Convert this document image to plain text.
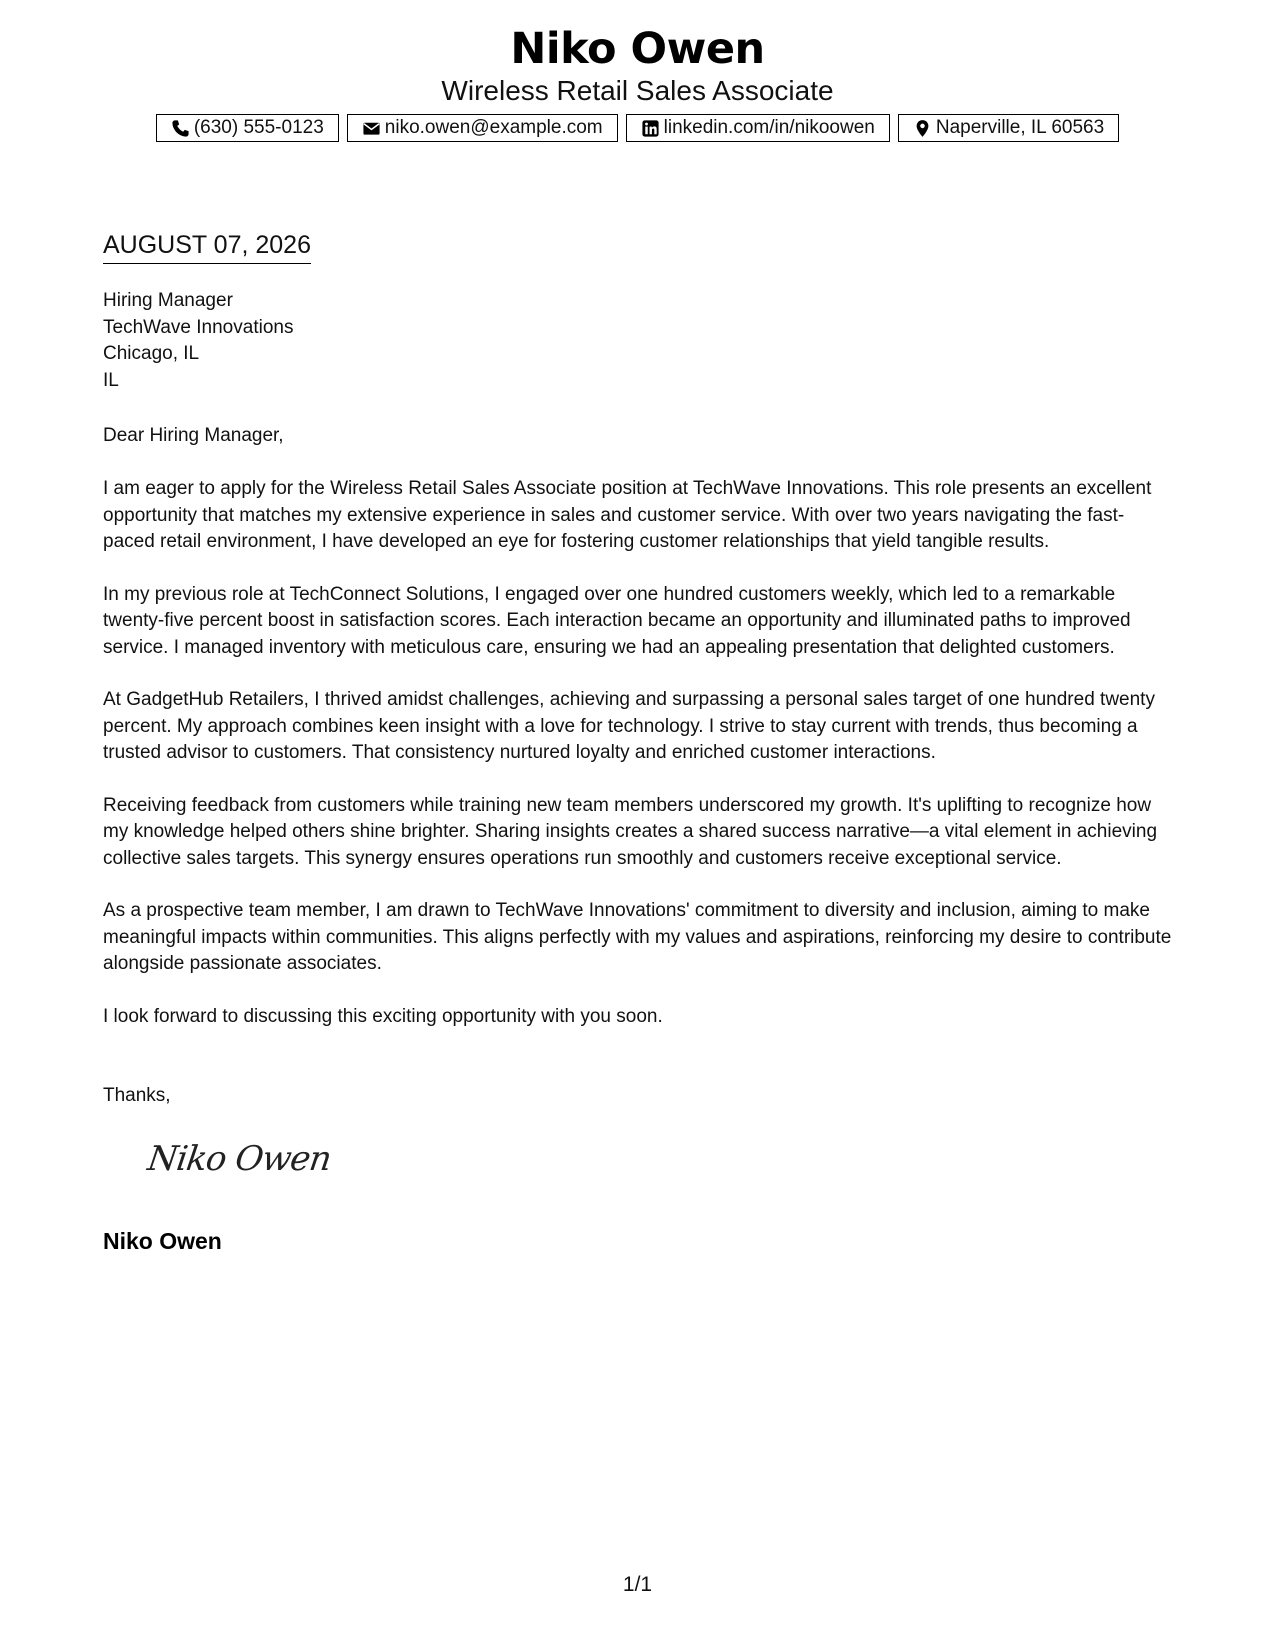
Niko Owen
Wireless Retail Sales Associate
(630) 555-0123	niko.owen@example.com	linkedin.com/in/nikoowen	Naperville, IL 60563
AUGUST 07, 2026
Hiring Manager
TechWave Innovations
Chicago, IL
IL
Dear Hiring Manager,

I am eager to apply for the Wireless Retail Sales Associate position at TechWave Innovations. This role presents an excellent opportunity that matches my extensive experience in sales and customer service. With over two years navigating the fast-paced retail environment, I have developed an eye for fostering customer relationships that yield tangible results.

In my previous role at TechConnect Solutions, I engaged over one hundred customers weekly, which led to a remarkable twenty-five percent boost in satisfaction scores. Each interaction became an opportunity and illuminated paths to improved service. I managed inventory with meticulous care, ensuring we had an appealing presentation that delighted customers.

At GadgetHub Retailers, I thrived amidst challenges, achieving and surpassing a personal sales target of one hundred twenty percent. My approach combines keen insight with a love for technology. I strive to stay current with trends, thus becoming a trusted advisor to customers. That consistency nurtured loyalty and enriched customer interactions.

Receiving feedback from customers while training new team members underscored my growth. It's uplifting to recognize how my knowledge helped others shine brighter. Sharing insights creates a shared success narrative—a vital element in achieving collective sales targets. This synergy ensures operations run smoothly and customers receive exceptional service.

As a prospective team member, I am drawn to TechWave Innovations' commitment to diversity and inclusion, aiming to make meaningful impacts within communities. This aligns perfectly with my values and aspirations, reinforcing my desire to contribute alongside passionate associates.

I look forward to discussing this exciting opportunity with you soon.

Thanks,
Niko Owen
Niko Owen
1/1
